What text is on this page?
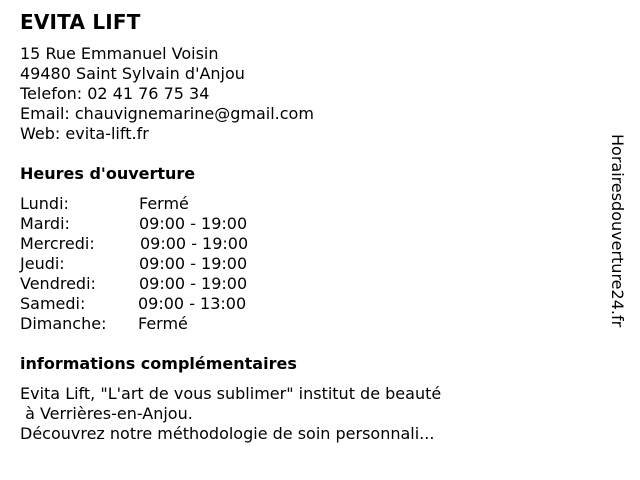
EVITA LIFT
15 Rue Emmanuel Voisin
49480 Saint Sylvain d'Anjou
Telefon: 02 41 76 75 34
Email: chauvignemarine@gmail.com
Web: evita-lift.fr
Heures d'ouverture
Lundi:	Fermé
Mardi:	09:00 - 19:00
Mercredi:	09:00 - 19:00
Jeudi:	09:00 - 19:00
Vendredi:	09:00 - 19:00
Samedi:	09:00 - 13:00
Dimanche: Fermé
informations complémentaires
Evita Lift, "L'art de vous sublimer" institut de beauté
à Verrières-en-Anjou.
Découvrez notre méthodologie de soin personnali...
Horairesdouverture24.fr
